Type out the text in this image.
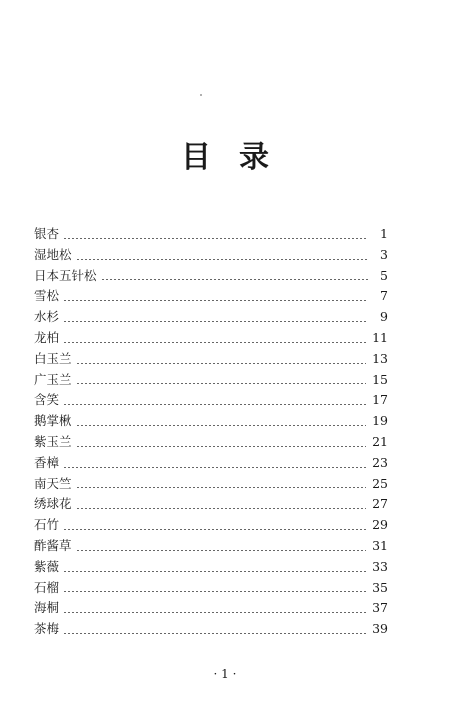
目录
银杏	1
湿地松	3
日本五针松	5
雪松	7
水杉	9
龙柏	11
白玉兰	13
广玉兰	15
含笑	17
鹅掌楸	19
紫玉兰	21
香樟	23
南天竺	25
绣球花	27
石竹	29
酢酱草	31
紫薇	33
石榴	35
海桐	37
茶梅	39
· 1 ·
